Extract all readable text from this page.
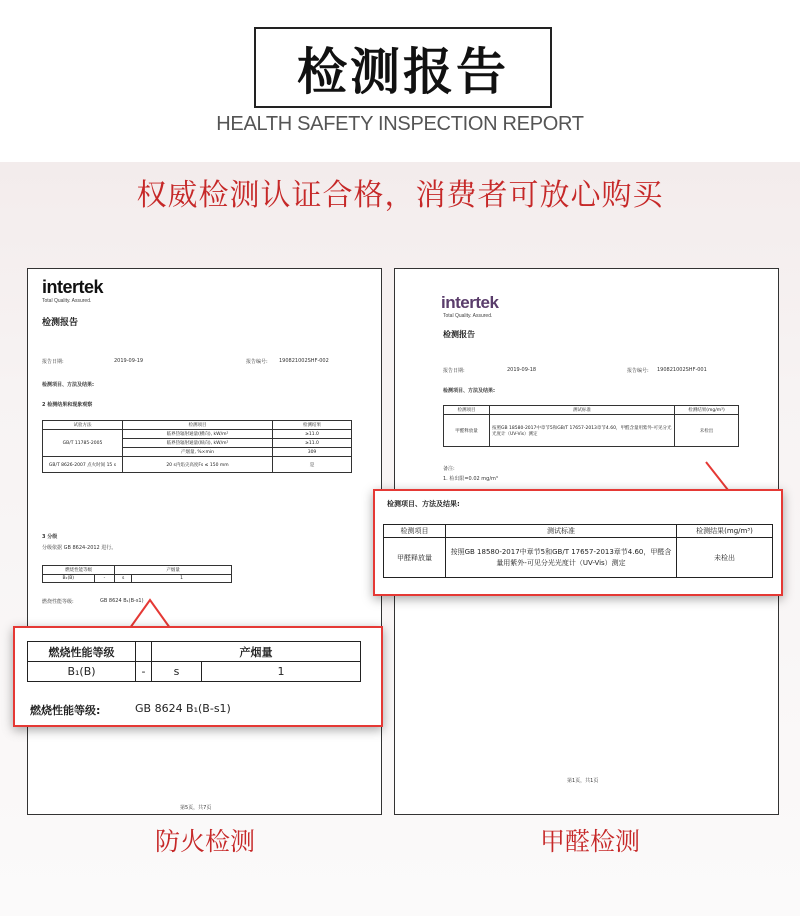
检测报告
HEALTH SAFETY INSPECTION REPORT
权威检测认证合格，消费者可放心购买
intertek
Total Quality. Assured.
检测报告
报告日期:	2019-09-19	报告编号: 190821002SHF-002
检测项目、方法及结果:
2 检测结果和现象观察
试验方法	检测项目	检测结果
GB/T 11785-2005	临界热辐射通量(横向), kW/m²	≥11.0
	临界热辐射通量(纵向), kW/m²	≥11.0
	产烟量, %×min	309
GB/T 8626-2007 点火时间 15 s	20 s内焰尖高度Fs ≤ 150 mm	是
3 分级
分级依据 GB 8624-2012 进行。
燃烧性能等级		产烟量	
B₁(B)	-	s	1
燃烧性能等级:	GB 8624 B₁(B-s1)
第5页，共7页
intertek
Total Quality. Assured.
检测报告
报告日期:	2019-09-18	报告编号: 190821002SHF-001
检测项目、方法及结果:
检测项目	测试标准	检测结果(mg/m³)
甲醛释放量	按照GB 18580-2017中章节5和GB/T 17657-2013章节4.60，甲醛含量用紫外-可见分光光度计（UV-Vis）测定	未检出
备注:
1. 检出限=0.02 mg/m³
第1页，共1页
燃烧性能等级		产烟量	
B₁(B)	-	s	1
燃烧性能等级:	GB 8624 B₁(B-s1)
检测项目、方法及结果:
检测项目	测试标准	检测结果(mg/m³)
甲醛释放量	按照GB 18580-2017中章节5和GB/T 17657-2013章节4.60，甲醛含量用紫外-可见分光光度计（UV-Vis）测定	未检出
防火检测	甲醛检测
